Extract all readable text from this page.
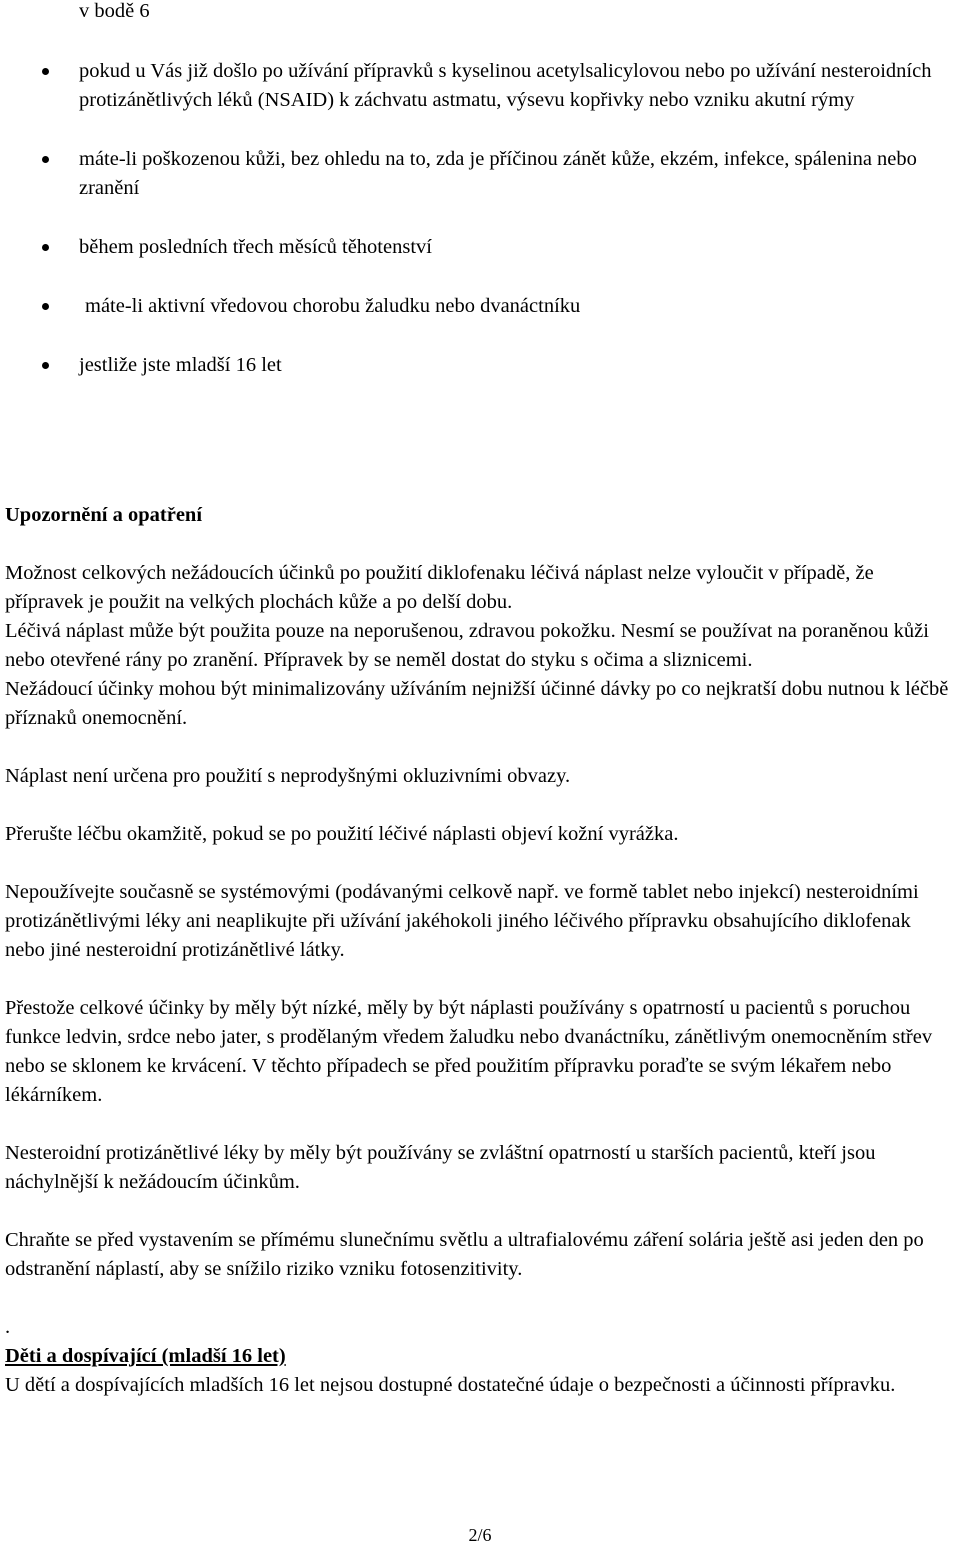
v bodě 6
pokud u Vás již došlo po užívání přípravků s kyselinou acetylsalicylovou nebo po užívání nesteroidních protizánětlivých léků (NSAID) k záchvatu astmatu, výsevu kopřivky nebo vzniku akutní rýmy
máte-li poškozenou kůži, bez ohledu na to, zda je příčinou zánět kůže, ekzém, infekce, spálenina nebo zranění
během posledních třech měsíců těhotenství
máte-li aktivní vředovou chorobu žaludku nebo dvanáctníku
jestliže jste mladší 16 let
Upozornění a opatření

Možnost celkových nežádoucích účinků po použití diklofenaku léčivá náplast nelze vyloučit v případě, že přípravek je použit na velkých plochách kůže a po delší dobu.

Léčivá náplast může být použita pouze na neporušenou, zdravou pokožku. Nesmí se používat na poraněnou kůži nebo otevřené rány po zranění. Přípravek by se neměl dostat do styku s očima a sliznicemi.

Nežádoucí účinky mohou být minimalizovány užíváním nejnižší účinné dávky po co nejkratší dobu nutnou k léčbě příznaků onemocnění.

Náplast není určena pro použití s neprodyšnými okluzivními obvazy.

Přerušte léčbu okamžitě, pokud se po použití léčivé náplasti objeví kožní vyrážka.

Nepoužívejte současně se systémovými (podávanými celkově např. ve formě tablet nebo injekcí) nesteroidními protizánětlivými léky ani neaplikujte při užívání jakéhokoli jiného léčivého přípravku obsahujícího diklofenak nebo jiné nesteroidní protizánětlivé látky.

Přestože celkové účinky by měly být nízké, měly by být náplasti používány s opatrností u pacientů s poruchou funkce ledvin, srdce nebo jater, s prodělaným vředem žaludku nebo dvanáctníku, zánětlivým onemocněním střev nebo se sklonem ke krvácení. V těchto případech se před použitím přípravku poraďte se svým lékařem nebo lékárníkem.

Nesteroidní protizánětlivé léky by měly být používány se zvláštní opatrností u starších pacientů, kteří jsou náchylnější k nežádoucím účinkům.

Chraňte se před vystavením se přímému slunečnímu světlu a ultrafialovému záření solária ještě asi jeden den po odstranění náplastí, aby se snížilo riziko vzniku fotosenzitivity.

.

Děti a dospívající (mladší 16 let)

U dětí a dospívajících mladších 16 let nejsou dostupné dostatečné údaje o bezpečnosti a účinnosti přípravku.

2/6
